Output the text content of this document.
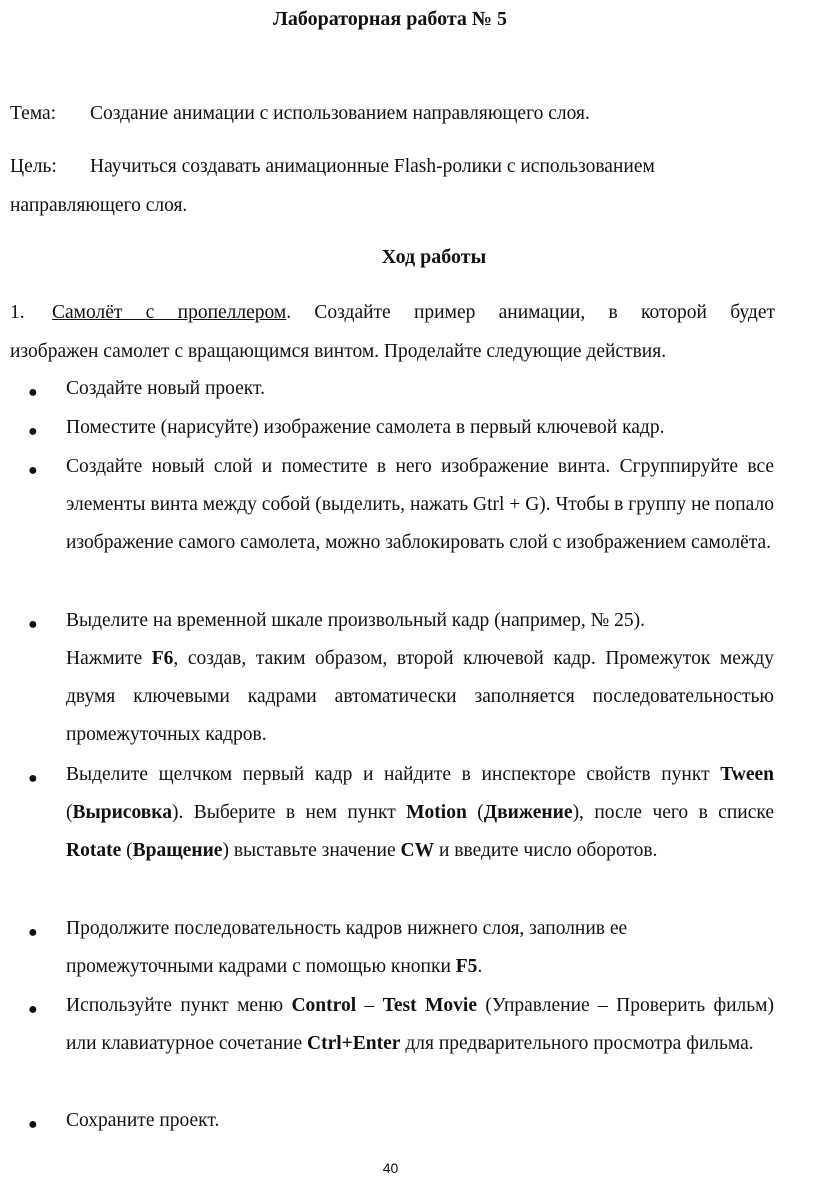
Лабораторная работа № 5
Тема: Создание анимации с использованием направляющего слоя.
Цель: Научиться создавать анимационные Flash-ролики с использованием
направляющего слоя.
Ход работы
1. Самолёт с пропеллером. Создайте пример анимации, в которой будет
изображен самолет с вращающимся винтом. Проделайте следующие действия.
●	Создайте новый проект.
●	Поместите (нарисуйте) изображение самолета в первый ключевой кадр.
●	Создайте новый слой и поместите в него изображение винта. Сгруппируйте все элементы винта между собой (выделить, нажать Gtrl + G). Чтобы в группу не попало изображение самого самолета, можно заблокировать слой с изображением самолёта.
●	Выделите на временной шкале произвольный кадр (например, № 25).
Нажмите F6, создав, таким образом, второй ключевой кадр. Промежуток между двумя ключевыми кадрами автоматически заполняется последовательностью промежуточных кадров.
●	Выделите щелчком первый кадр и найдите в инспекторе свойств пункт Tween (Вырисовка). Выберите в нем пункт Motion (Движение), после чего в списке Rotate (Вращение) выставьте значение CW и введите число оборотов.
●	Продолжите последовательность кадров нижнего слоя, заполнив ее промежуточными кадрами с помощью кнопки F5.
●	Используйте пункт меню Control – Test Movie (Управление – Проверить фильм) или клавиатурное сочетание Ctrl+Enter для предварительного просмотра фильма.
●	Сохраните проект.
40
